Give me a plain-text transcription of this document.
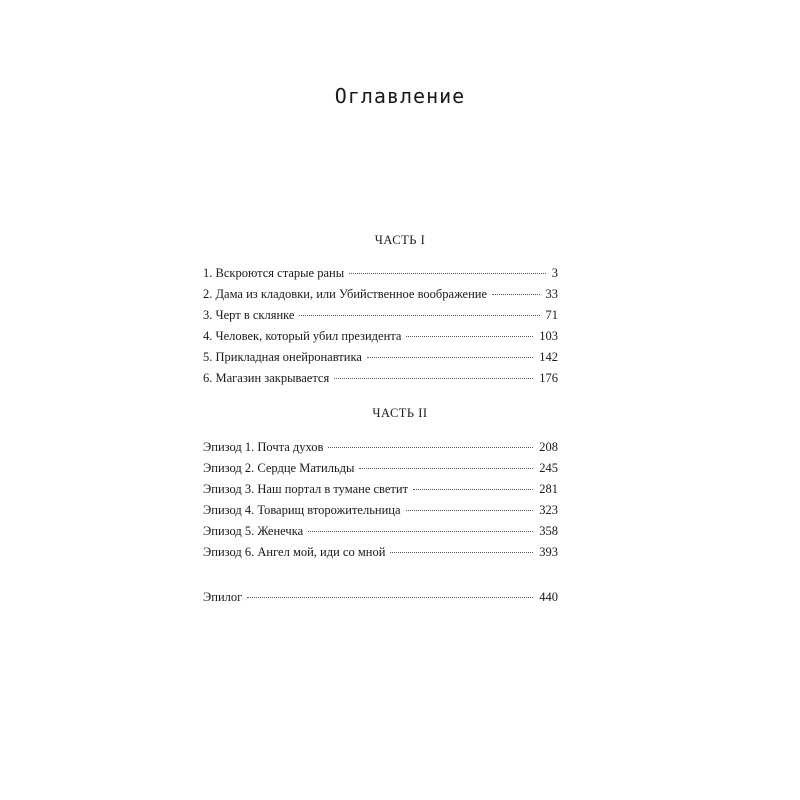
Оглавление
ЧАСТЬ I
1. Вскроются старые раны	3
2. Дама из кладовки, или Убийственное воображение	33
3. Черт в склянке	71
4. Человек, который убил президента	103
5. Прикладная онейронавтика	142
6. Магазин закрывается	176
ЧАСТЬ II
Эпизод 1. Почта духов	208
Эпизод 2. Сердце Матильды	245
Эпизод 3. Наш портал в тумане светит	281
Эпизод 4. Товарищ второжительница	323
Эпизод 5. Женечка	358
Эпизод 6. Ангел мой, иди со мной	393
Эпилог	440
